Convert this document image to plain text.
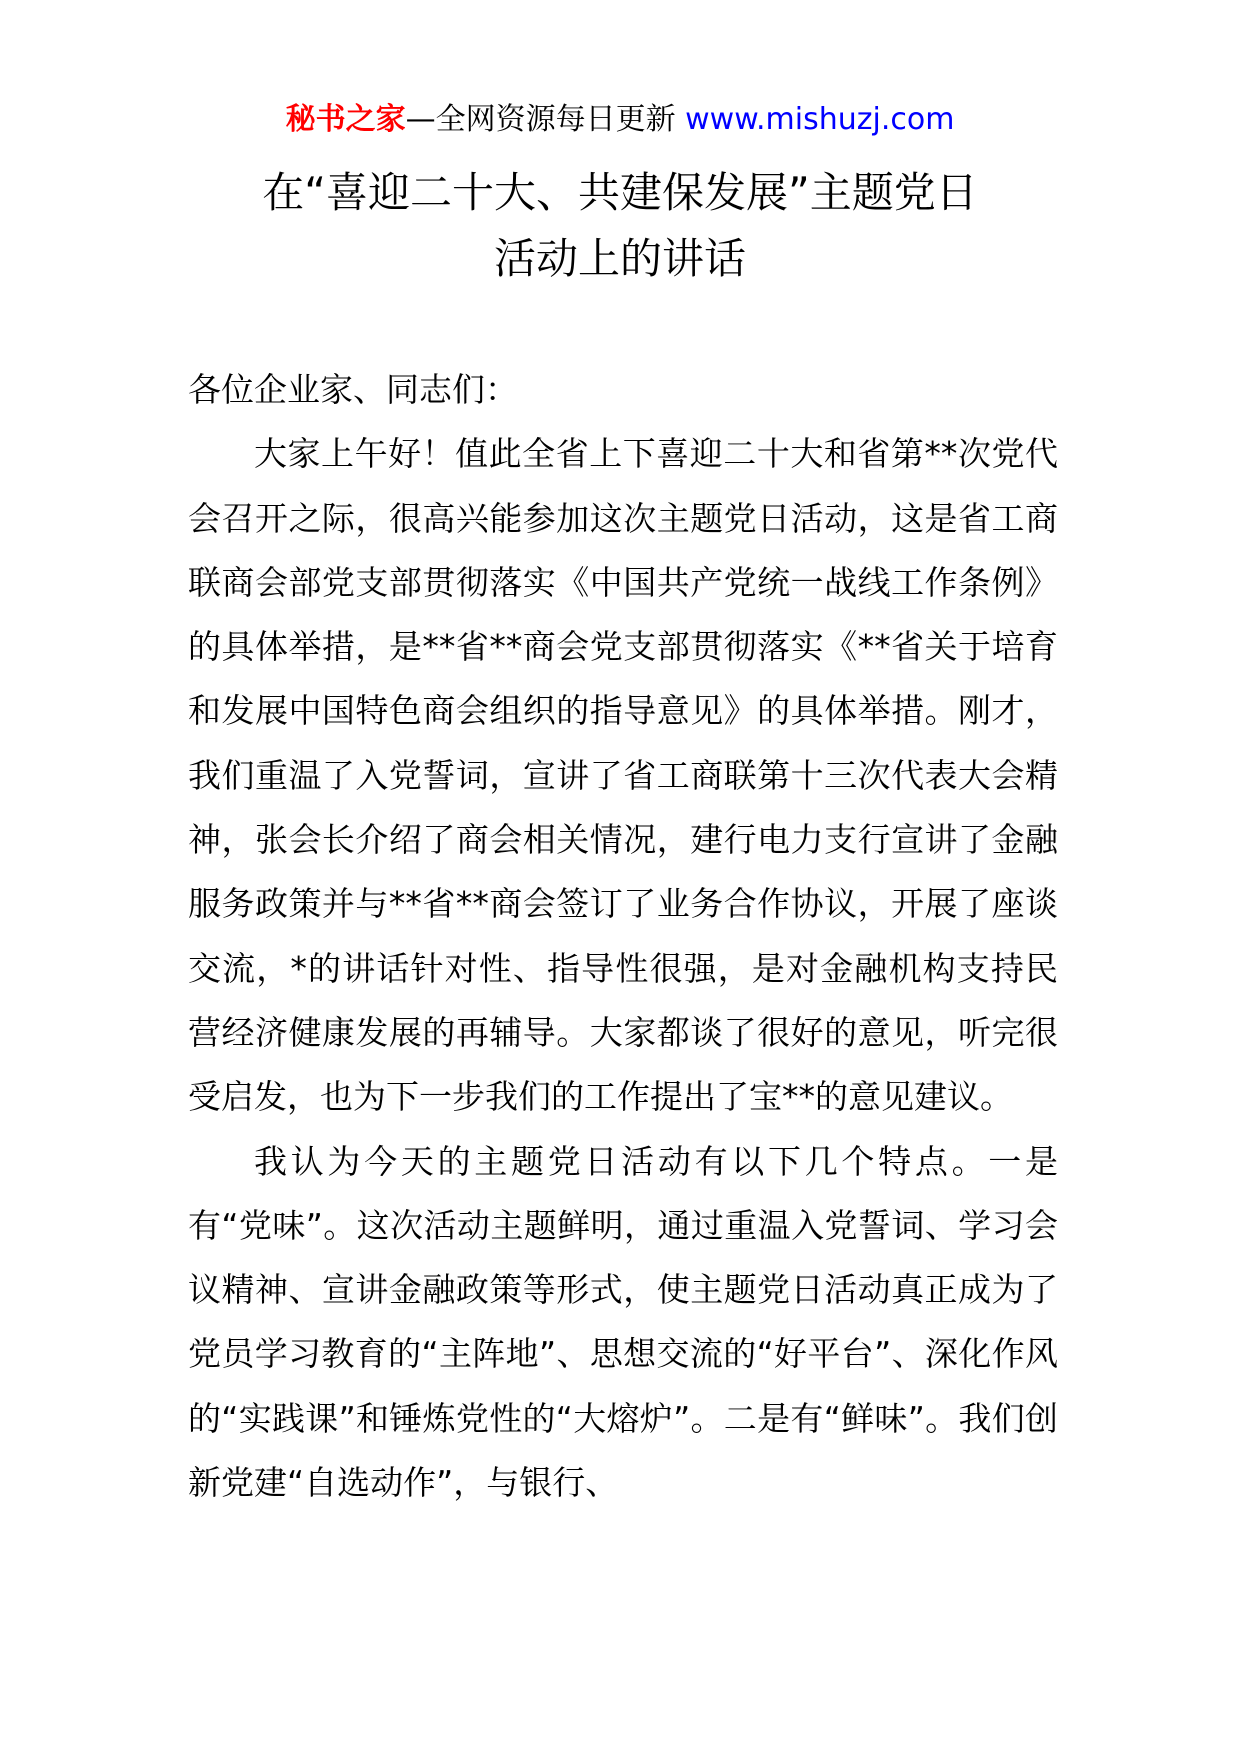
秘书之家—全网资源每日更新 www.mishuzj.com
在“喜迎二十大、共建保发展”主题党日
活动上的讲话

各位企业家、同志们：

大家上午好！值此全省上下喜迎二十大和省第**次党代会召开之际，很高兴能参加这次主题党日活动，这是省工商联商会部党支部贯彻落实《中国共产党统一战线工作条例》的具体举措，是**省**商会党支部贯彻落实《**省关于培育和发展中国特色商会组织的指导意见》的具体举措。刚才，我们重温了入党誓词，宣讲了省工商联第十三次代表大会精神，张会长介绍了商会相关情况，建行电力支行宣讲了金融服务政策并与**省**商会签订了业务合作协议，开展了座谈交流，*的讲话针对性、指导性很强，是对金融机构支持民营经济健康发展的再辅导。大家都谈了很好的意见，听完很受启发，也为下一步我们的工作提出了宝**的意见建议。

我认为今天的主题党日活动有以下几个特点。一是有“党味”。这次活动主题鲜明，通过重温入党誓词、学习会议精神、宣讲金融政策等形式，使主题党日活动真正成为了党员学习教育的“主阵地”、思想交流的“好平台”、深化作风的“实践课”和锤炼党性的“大熔炉”。二是有“鲜味”。我们创新党建“自选动作”，与银行、
